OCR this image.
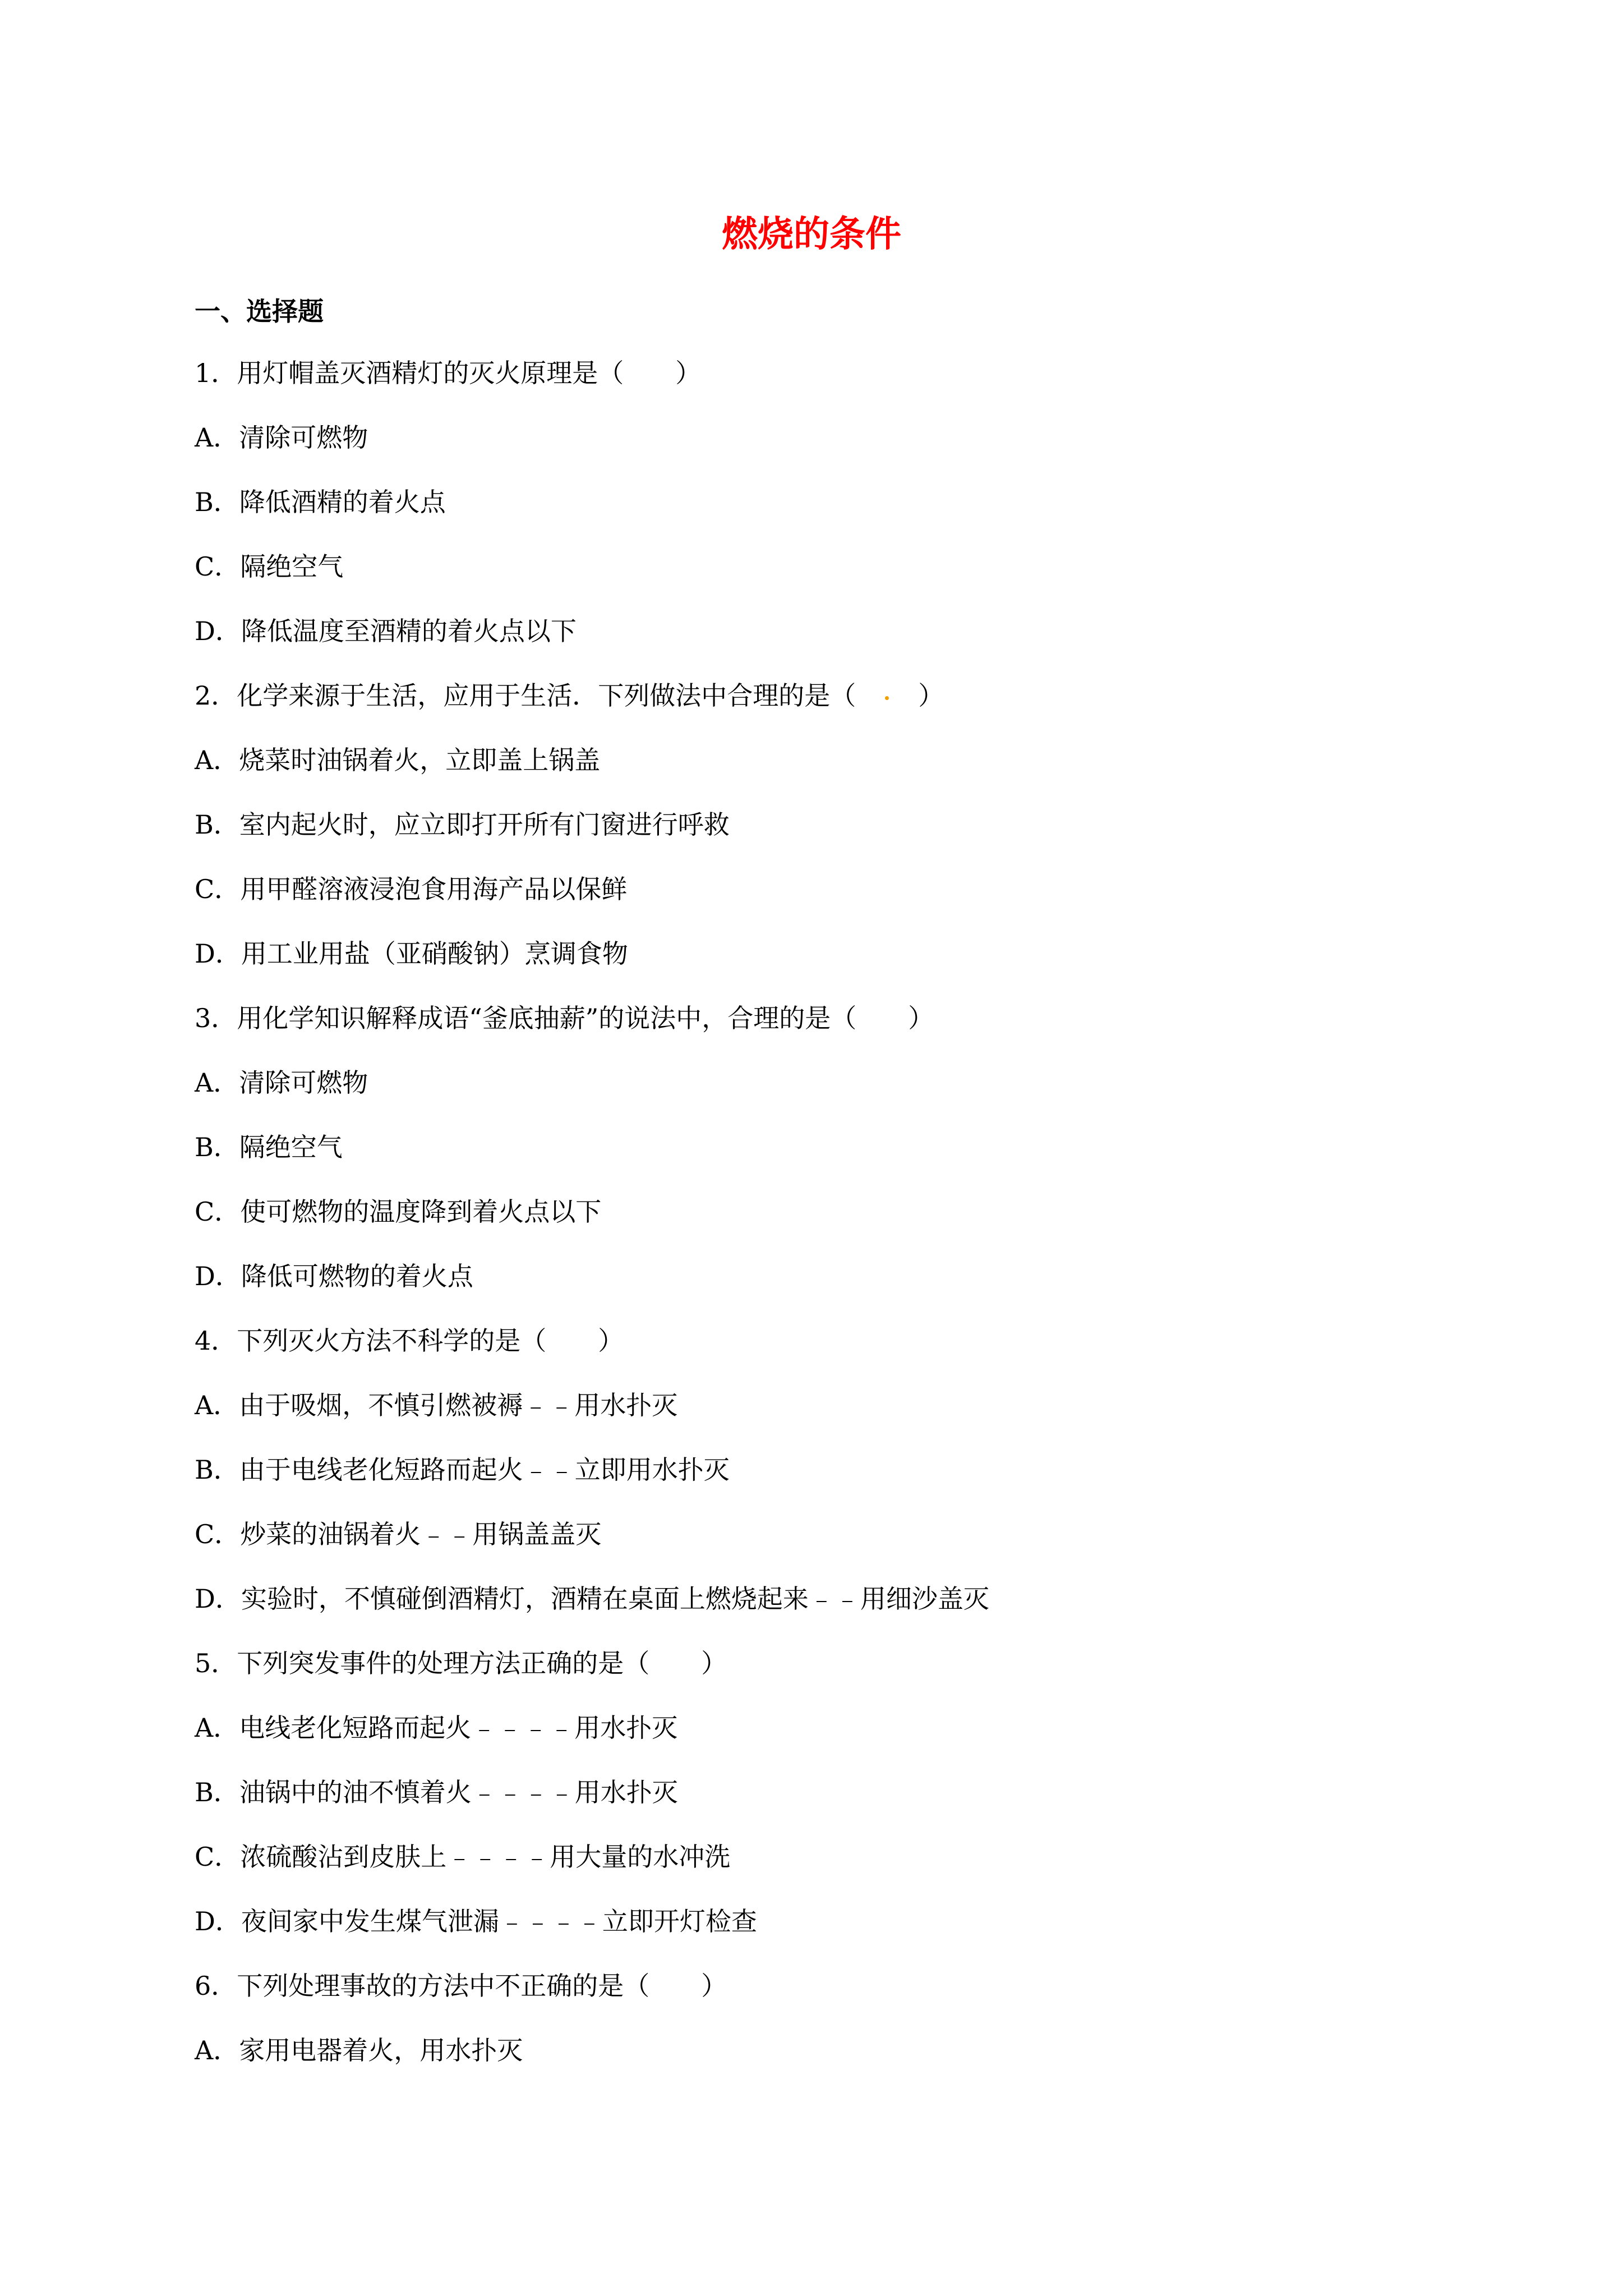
燃烧的条件
一、选择题
1．用灯帽盖灭酒精灯的灭火原理是（　　）
A．清除可燃物
B．降低酒精的着火点
C．隔绝空气
D．降低温度至酒精的着火点以下
2．化学来源于生活，应用于生活．下列做法中合理的是（　　 ）
A．烧菜时油锅着火，立即盖上锅盖
B．室内起火时，应立即打开所有门窗进行呼救
C．用甲醛溶液浸泡食用海产品以保鲜
D．用工业用盐（亚硝酸钠）烹调食物
3．用化学知识解释成语“釜底抽薪”的说法中，合理的是（　　）
A．清除可燃物
B．隔绝空气
C．使可燃物的温度降到着火点以下
D．降低可燃物的着火点
4．下列灭火方法不科学的是（　　）
A．由于吸烟，不慎引燃被褥﹣﹣用水扑灭
B．由于电线老化短路而起火﹣﹣立即用水扑灭
C．炒菜的油锅着火﹣﹣用锅盖盖灭
D．实验时，不慎碰倒酒精灯，酒精在桌面上燃烧起来﹣﹣用细沙盖灭
5．下列突发事件的处理方法正确的是（　　）
A．电线老化短路而起火﹣﹣﹣﹣用水扑灭
B．油锅中的油不慎着火﹣﹣﹣﹣用水扑灭
C．浓硫酸沾到皮肤上﹣﹣﹣﹣用大量的水冲洗
D．夜间家中发生煤气泄漏﹣﹣﹣﹣立即开灯检查
6．下列处理事故的方法中不正确的是（　　）
A．家用电器着火，用水扑灭
